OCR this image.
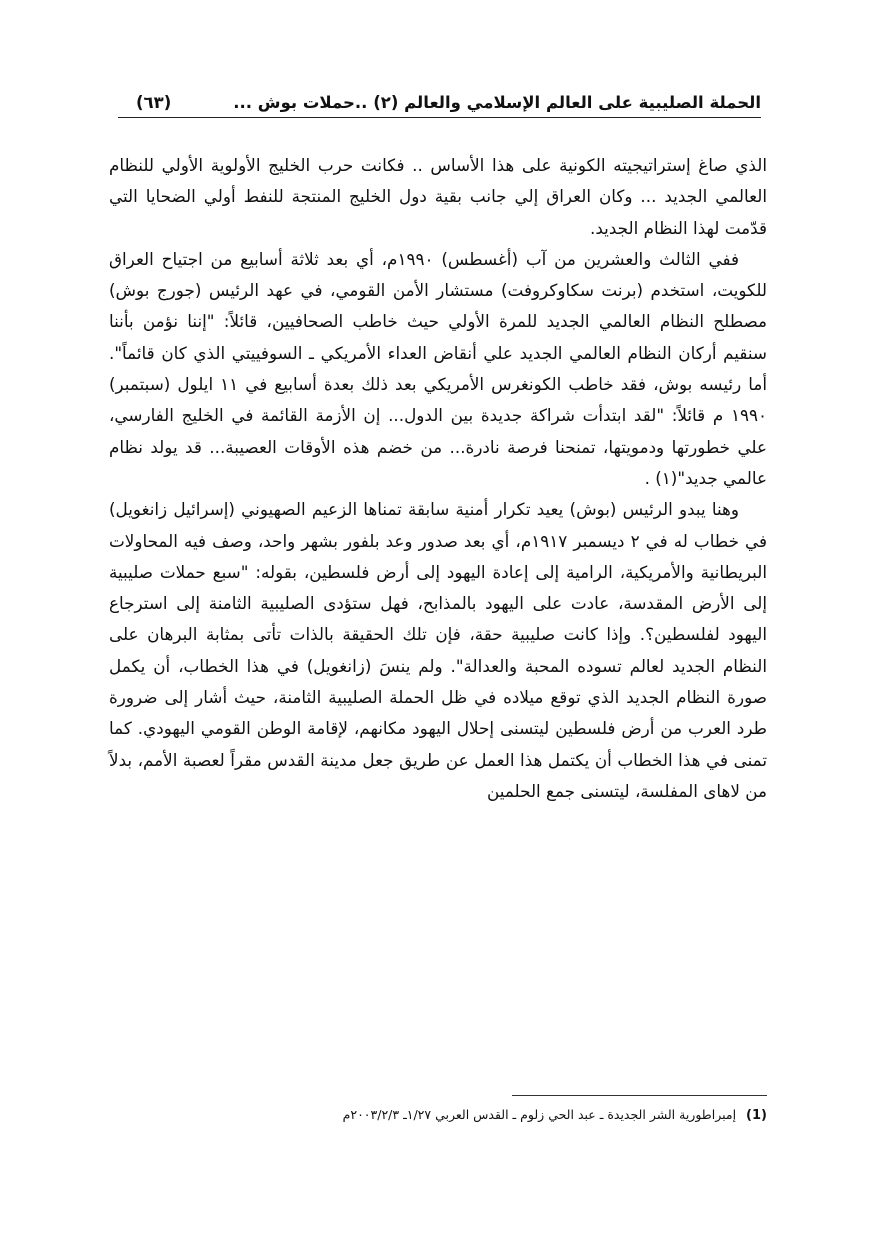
الحملة الصليبية على العالم الإسلامي والعالم (٢) ..حملات بوش ...
(٦٣)

الذي صاغ إستراتيجيته الكونية على هذا الأساس .. فكانت حرب الخليج الأولوية الأولي للنظام العالمي الجديد ... وكان العراق إلي جانب بقية دول الخليج المنتجة للنفط أولي الضحايا التي قدّمت لهذا النظام الجديد.

ففي الثالث والعشرين من آب (أغسطس) ١٩٩٠م، أي بعد ثلاثة أسابيع من اجتياح العراق للكويت، استخدم (برنت سكاوكروفت) مستشار الأمن القومي، في عهد الرئيس (جورج بوش) مصطلح النظام العالمي الجديد للمرة الأولي حيث خاطب الصحافيين، قائلاً: "إننا نؤمن بأننا سنقيم أركان النظام العالمي الجديد علي أنقاض العداء الأمريكي ـ السوفييتي الذي كان قائماً". أما رئيسه بوش، فقد خاطب الكونغرس الأمريكي بعد ذلك بعدة أسابيع في ١١ ايلول (سبتمبر) ١٩٩٠ م قائلاً: "لقد ابتدأت شراكة جديدة بين الدول... إن الأزمة القائمة في الخليج الفارسي، علي خطورتها ودمويتها، تمنحنا فرصة نادرة... من خضم هذه الأوقات العصيبة... قد يولد نظام عالمي جديد"(١) .

وهنا يبدو الرئيس (بوش) يعيد تكرار أمنية سابقة تمناها الزعيم الصهيوني (إسرائيل زانغويل) في خطاب له في ٢ ديسمبر ١٩١٧م، أي بعد صدور وعد بلفور بشهر واحد، وصف فيه المحاولات البريطانية والأمريكية، الرامية إلى إعادة اليهود إلى أرض فلسطين، بقوله: "سبع حملات صليبية إلى الأرض المقدسة، عادت على اليهود بالمذابح، فهل ستؤدى الصليبية الثامنة إلى استرجاع اليهود لفلسطين؟. وإذا كانت صليبية حقة، فإن تلك الحقيقة بالذات تأتى بمثابة البرهان على النظام الجديد لعالم تسوده المحبة والعدالة". ولم ينسَ (زانغويل) في هذا الخطاب، أن يكمل صورة النظام الجديد الذي توقع ميلاده في ظل الحملة الصليبية الثامنة، حيث أشار إلى ضرورة طرد العرب من أرض فلسطين ليتسنى إحلال اليهود مكانهم، لإقامة الوطن القومي اليهودي. كما تمنى في هذا الخطاب أن يكتمل هذا العمل عن طريق جعل مدينة القدس مقراً لعصبة الأمم، بدلاً من لاهاى المفلسة، ليتسنى جمع الحلمين

(1) إمبراطورية الشر الجديدة ـ عبد الحي زلوم ـ القدس العربي ١/٢٧ـ ٢٠٠٣/٢/٣م
